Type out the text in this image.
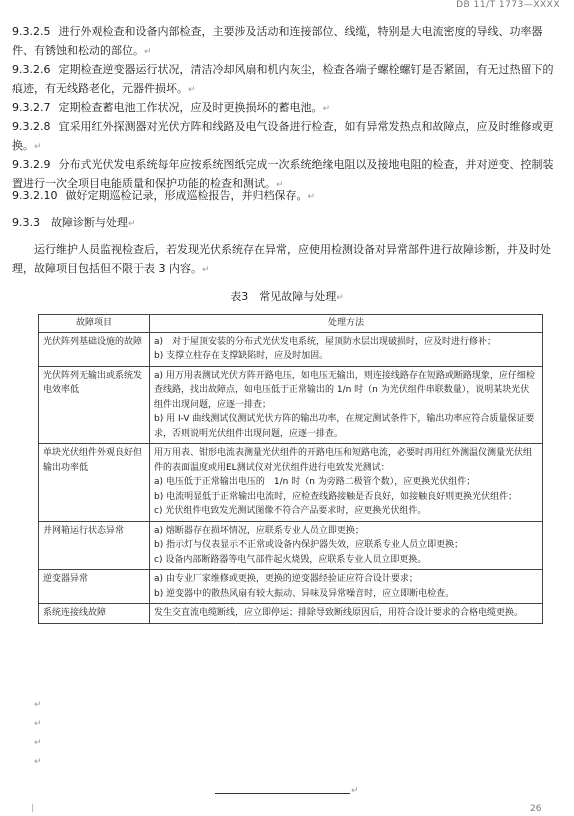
DB 11/T 1773—XXXX
9.3.2.5 进行外观检查和设备内部检查，主要涉及活动和连接部位、线缆，特别是大电流密度的导线、功率器件、有锈蚀和松动的部位。↵
9.3.2.6 定期检查逆变器运行状况，清洁冷却风扇和机内灰尘，检查各端子螺栓螺钉是否紧固，有无过热留下的痕迹，有无线路老化，元器件损坏。↵
9.3.2.7 定期检查蓄电池工作状况，应及时更换损坏的蓄电池。↵
9.3.2.8 宜采用红外探测器对光伏方阵和线路及电气设备进行检查，如有异常发热点和故障点，应及时维修或更换。↵
9.3.2.9 分布式光伏发电系统每年应按系统图纸完成一次系统绝缘电阻以及接地电阻的检查，并对逆变、控制装置进行一次全项目电能质量和保护功能的检查和测试。↵
9.3.2.10 做好定期巡检记录，形成巡检报告，并归档保存。↵
9.3.3　 故障诊断与处理↵
运行维护人员监视检查后，若发现光伏系统存在异常，应使用检测设备对异常部件进行故障诊断，并及时处理，故障项目包括但不限于表 3 内容。↵
表3　常见故障与处理↵
故障项目	处理方法
光伏阵列基础设施的故障	a)　对于屋顶安装的分布式光伏发电系统，屋顶防水层出现破损时，应及时进行修补；

b) 支撑立柱存在支撑缺陷时，应及时加固。

光伏阵列无输出或系统发电效率低	a) 用万用表测试光伏方阵开路电压，如电压无输出，则连接线路存在短路或断路现象，应仔细检查线路，找出故障点，如电压低于正常输出的 1/n 时（n 为光伏组件串联数量），说明某块光伏组件出现问题，应逐一排查；

b) 用 I-V 曲线测试仪测试光伏方阵的输出功率，在规定测试条件下，输出功率应符合质量保证要求，否则说明光伏组件出现问题，应逐一排查。

单块光伏组件外观良好但输出功率低	用万用表、钳形电流表测量光伏组件的开路电压和短路电流，必要时再用红外测温仪测量光伏组件的表面温度或用EL测试仪对光伏组件进行电致发光测试：

a) 电压低于正常输出电压的　1/n 时（n 为旁路二极管个数），应更换光伏组件；

b) 电流明显低于正常输出电流时，应检查线路接触是否良好，如接触良好则更换光伏组件；

c) 光伏组件电致发光测试图像不符合产品要求时，应更换光伏组件。

并网箱运行状态异常	a) 熔断器存在损坏情况，应联系专业人员立即更换；

b) 指示灯与仪表显示不正常或设备内保护器失效，应联系专业人员立即更换；

c) 设备内部断路器等电气部件起火烧毁，应联系专业人员立即更换。

逆变器异常	a) 由专业厂家维修或更换，更换的逆变器经验证应符合设计要求；

b) 逆变器中的散热风扇有较大振动、异味及异常噪音时，应立即断电检查。

系统连接线故障	发生交直流电缆断线，应立即停运；排除导致断线原因后，用符合设计要求的合格电缆更换。

↵
↵
↵
↵
↵
26
